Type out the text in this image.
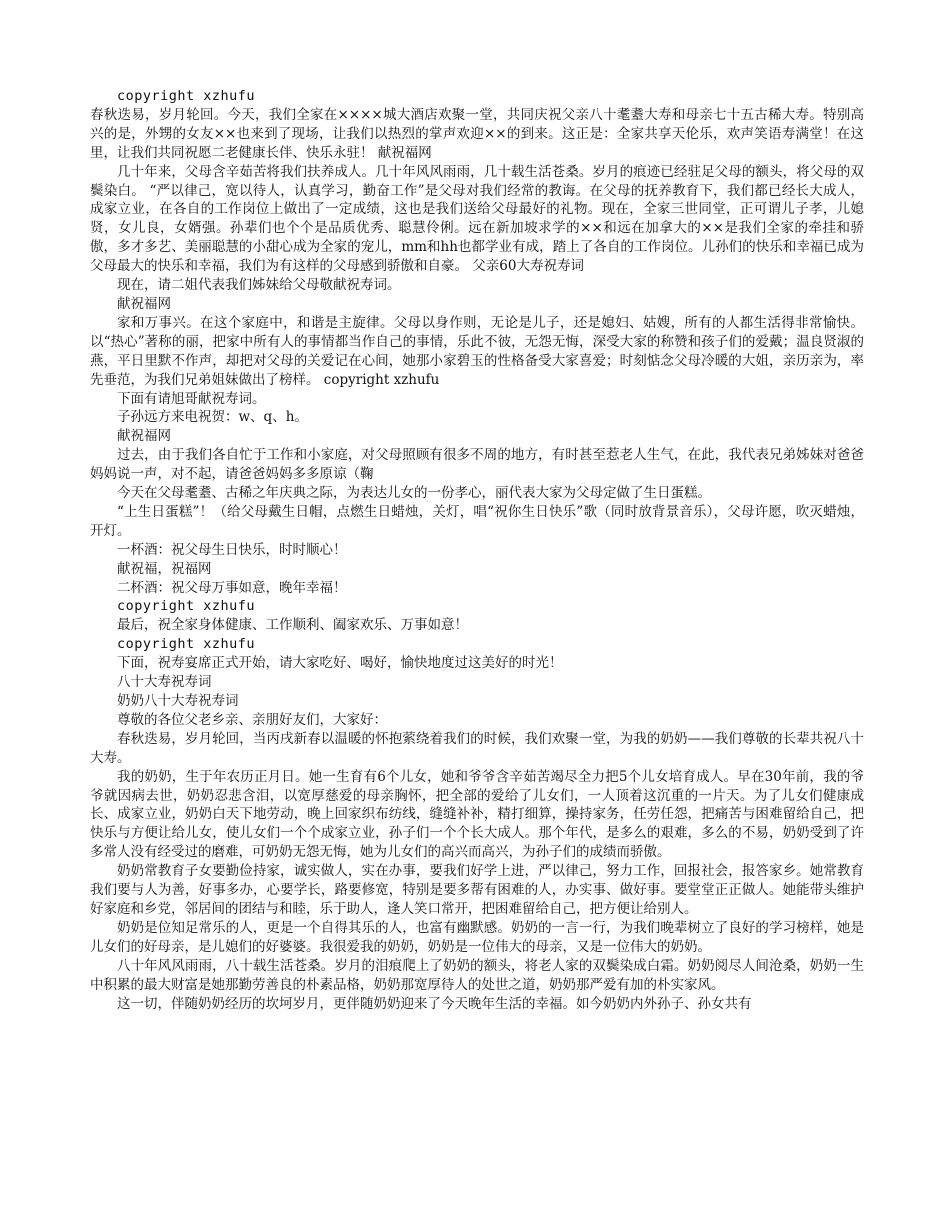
copyright xzhufu

春秋迭易，岁月轮回。今天，我们全家在××××城大酒店欢聚一堂，共同庆祝父亲八十耄耋大寿和母亲七十五古稀大寿。特别高兴的是，外甥的女友××也来到了现场，让我们以热烈的掌声欢迎××的到来。这正是：全家共享天伦乐，欢声笑语寿满堂！在这里，让我们共同祝愿二老健康长伴、快乐永驻！ 献祝福网

几十年来，父母含辛茹苦将我们扶养成人。几十年风风雨雨，几十载生活苍桑。岁月的痕迹已经驻足父母的额头，将父母的双鬓染白。 “严以律己，宽以待人，认真学习，勤奋工作”是父母对我们经常的教诲。在父母的抚养教育下，我们都已经长大成人，成家立业，在各自的工作岗位上做出了一定成绩，这也是我们送给父母最好的礼物。现在，全家三世同堂，正可谓儿子孝，儿媳贤，女儿良，女婿强。孙辈们也个个是品质优秀、聪慧伶俐。远在新加坡求学的××和远在加拿大的××是我们全家的牵挂和骄傲，多才多艺、美丽聪慧的小甜心成为全家的宠儿，mm和hh也都学业有成，踏上了各自的工作岗位。儿孙们的快乐和幸福已成为父母最大的快乐和幸福，我们为有这样的父母感到骄傲和自豪。 父亲60大寿祝寿词

现在，请二姐代表我们姊妹给父母敬献祝寿词。

献祝福网

家和万事兴。在这个家庭中，和谐是主旋律。父母以身作则，无论是儿子，还是媳妇、姑嫂，所有的人都生活得非常愉快。以“热心”著称的丽，把家中所有人的事情都当作自己的事情，乐此不彼，无怨无悔，深受大家的称赞和孩子们的爱戴；温良贤淑的燕，平日里默不作声，却把对父母的关爱记在心间，她那小家碧玉的性格备受大家喜爱；时刻惦念父母冷暖的大姐，亲历亲为，率先垂范，为我们兄弟姐妹做出了榜样。 copyright xzhufu

下面有请旭哥献祝寿词。

子孙远方来电祝贺：w、q、h。

献祝福网

过去，由于我们各自忙于工作和小家庭，对父母照顾有很多不周的地方，有时甚至惹老人生气，在此，我代表兄弟姊妹对爸爸妈妈说一声，对不起，请爸爸妈妈多多原谅（鞠

今天在父母耄耋、古稀之年庆典之际，为表达儿女的一份孝心，丽代表大家为父母定做了生日蛋糕。

“上生日蛋糕”！（给父母戴生日帽，点燃生日蜡烛，关灯，唱“祝你生日快乐”歌（同时放背景音乐），父母许愿，吹灭蜡烛，开灯。

一杯酒：祝父母生日快乐，时时顺心！

献祝福，祝福网

二杯酒：祝父母万事如意，晚年幸福！

copyright xzhufu

最后，祝全家身体健康、工作顺利、阖家欢乐、万事如意！

copyright xzhufu

下面，祝寿宴席正式开始，请大家吃好、喝好，愉快地度过这美好的时光！

八十大寿祝寿词

奶奶八十大寿祝寿词

尊敬的各位父老乡亲、亲朋好友们，大家好：

春秋迭易，岁月轮回，当丙戌新春以温暖的怀抱萦绕着我们的时候，我们欢聚一堂，为我的奶奶——我们尊敬的长辈共祝八十大寿。

我的奶奶，生于年农历正月日。她一生育有6个儿女，她和爷爷含辛茹苦竭尽全力把5个儿女培育成人。早在30年前，我的爷爷就因病去世，奶奶忍悲含泪，以宽厚慈爱的母亲胸怀，把全部的爱给了儿女们，一人顶着这沉重的一片天。为了儿女们健康成长、成家立业，奶奶白天下地劳动，晚上回家织布纺线，缝缝补补，精打细算，操持家务，任劳任怨，把痛苦与困难留给自己，把快乐与方便让给儿女，使儿女们一个个成家立业，孙子们一个个长大成人。那个年代，是多么的艰难，多么的不易，奶奶受到了许多常人没有经受过的磨难，可奶奶无怨无悔，她为儿女们的高兴而高兴，为孙子们的成绩而骄傲。

奶奶常教育子女要勤俭持家，诚实做人，实在办事，要我们好学上进，严以律己，努力工作，回报社会，报答家乡。她常教育我们要与人为善，好事多办，心要学长，路要修宽，特别是要多帮有困难的人，办实事、做好事。要堂堂正正做人。她能带头维护好家庭和乡党，邻居间的团结与和睦，乐于助人，逢人笑口常开，把困难留给自己，把方便让给别人。

奶奶是位知足常乐的人，更是一个自得其乐的人，也富有幽默感。奶奶的一言一行，为我们晚辈树立了良好的学习榜样，她是儿女们的好母亲，是儿媳们的好婆婆。我很爱我的奶奶，奶奶是一位伟大的母亲，又是一位伟大的奶奶。

八十年风风雨雨，八十载生活苍桑。岁月的泪痕爬上了奶奶的额头，将老人家的双鬓染成白霜。奶奶阅尽人间沧桑，奶奶一生中积累的最大财富是她那勤劳善良的朴素品格，奶奶那宽厚待人的处世之道，奶奶那严爱有加的朴实家风。

这一切，伴随奶奶经历的坎坷岁月，更伴随奶奶迎来了今天晚年生活的幸福。如今奶奶内外孙子、孙女共有
